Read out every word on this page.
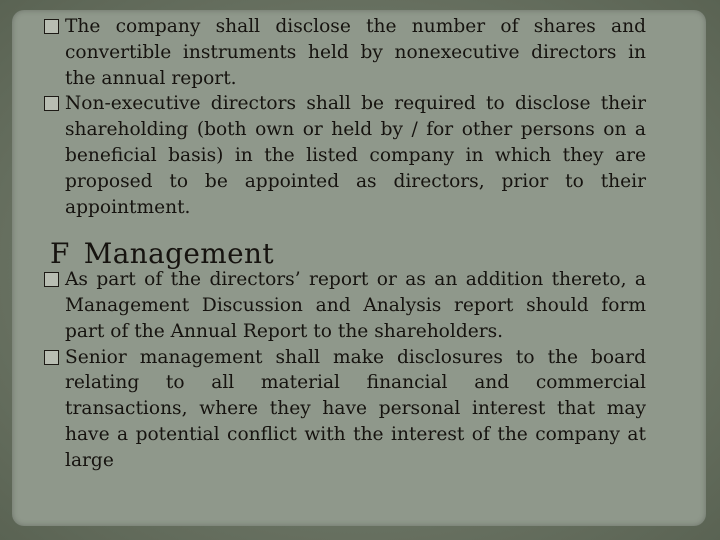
The company shall disclose the number of shares and convertible instruments held by nonexecutive directors in the annual report.

Non-executive directors shall be required to disclose their shareholding (both own or held by / for other persons on a beneficial basis) in the listed company in which they are proposed to be appointed as directors, prior to their appointment.

F Management

As part of the directors’ report or as an addition thereto, a Management Discussion and Analysis report should form part of the Annual Report to the shareholders.

Senior management shall make disclosures to the board relating to all material financial and commercial transactions, where they have personal interest that may have a potential conflict with the interest of the company at large
